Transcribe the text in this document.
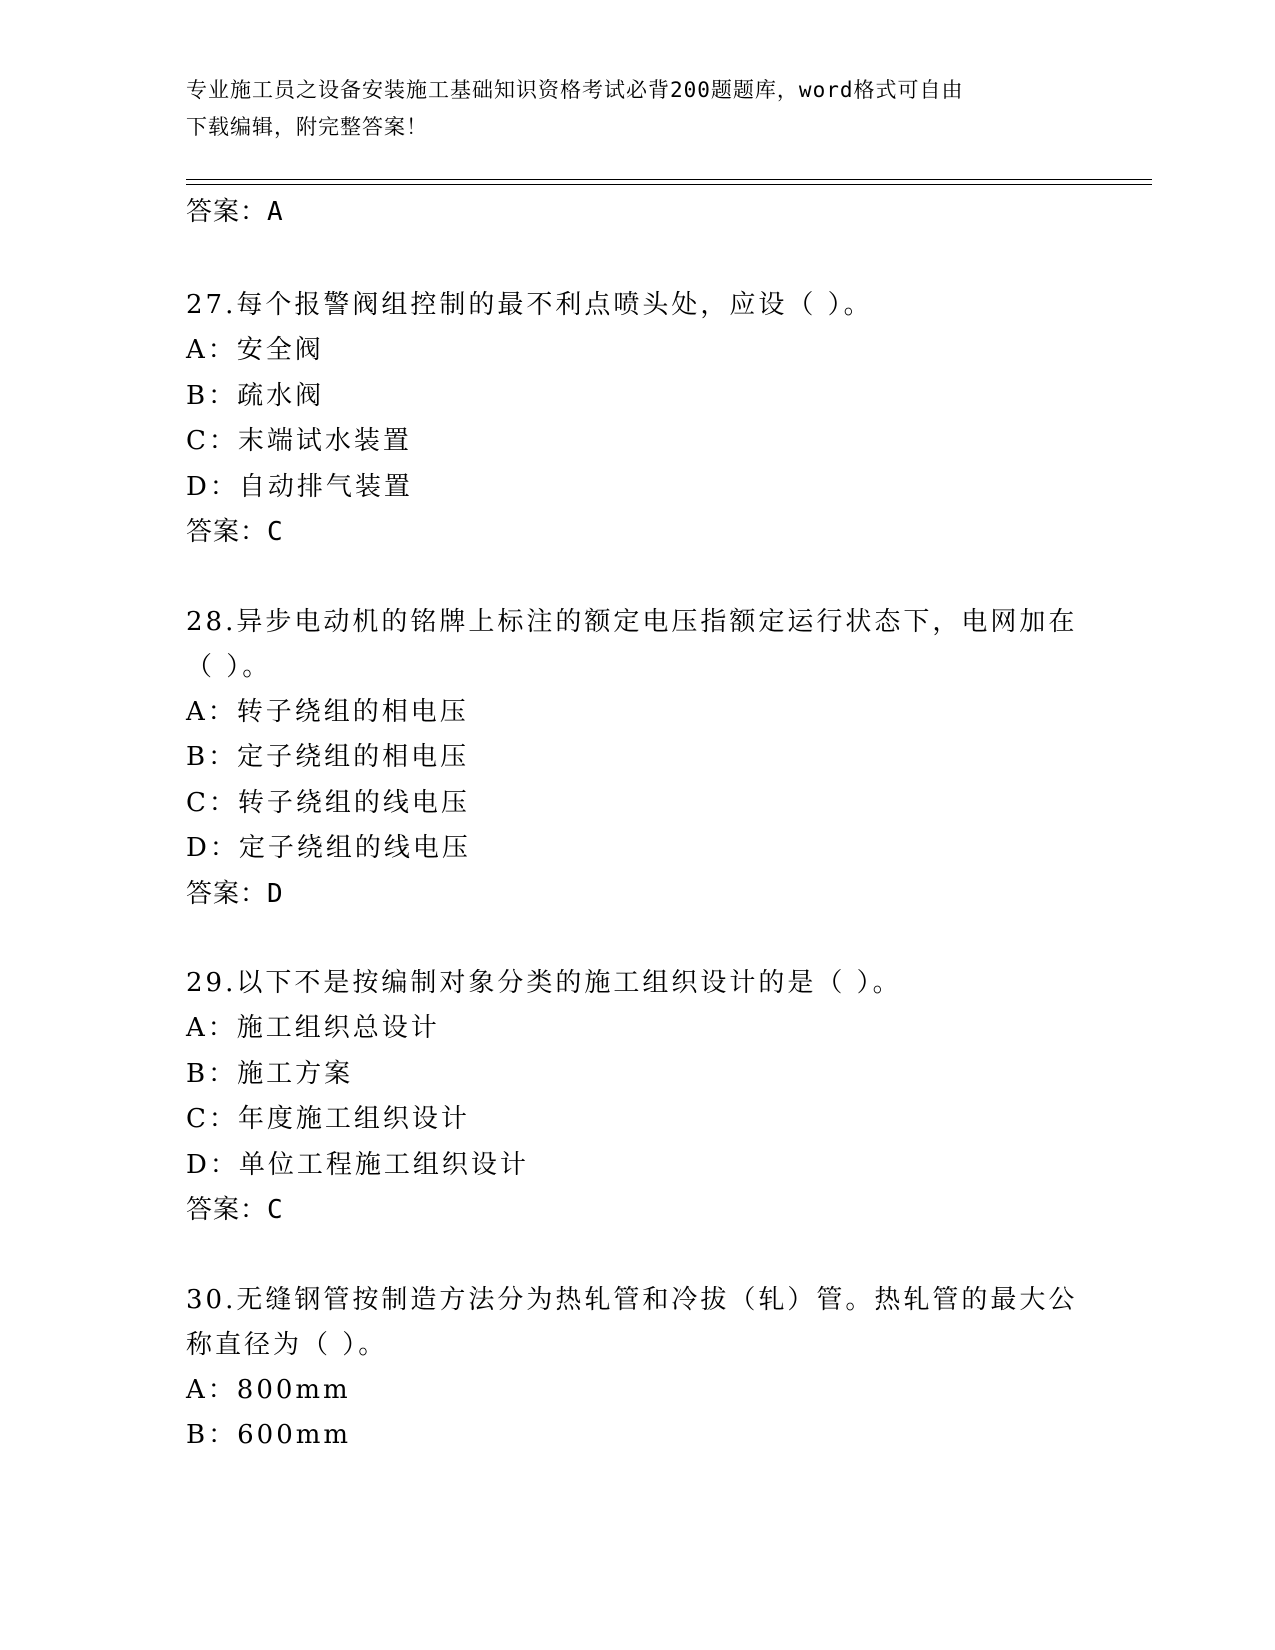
专业施工员之设备安装施工基础知识资格考试必背200题题库，word格式可自由
下载编辑，附完整答案！
答案：A
27.每个报警阀组控制的最不利点喷头处，应设（ ）。
A：安全阀
B：疏水阀
C：末端试水装置
D：自动排气装置
答案：C
28.异步电动机的铭牌上标注的额定电压指额定运行状态下，电网加在
（ ）。
A：转子绕组的相电压
B：定子绕组的相电压
C：转子绕组的线电压
D：定子绕组的线电压
答案：D
29.以下不是按编制对象分类的施工组织设计的是（ ）。
A：施工组织总设计
B：施工方案
C：年度施工组织设计
D：单位工程施工组织设计
答案：C
30.无缝钢管按制造方法分为热轧管和冷拔（轧）管。热轧管的最大公
称直径为（ ）。
A：800mm
B：600mm
